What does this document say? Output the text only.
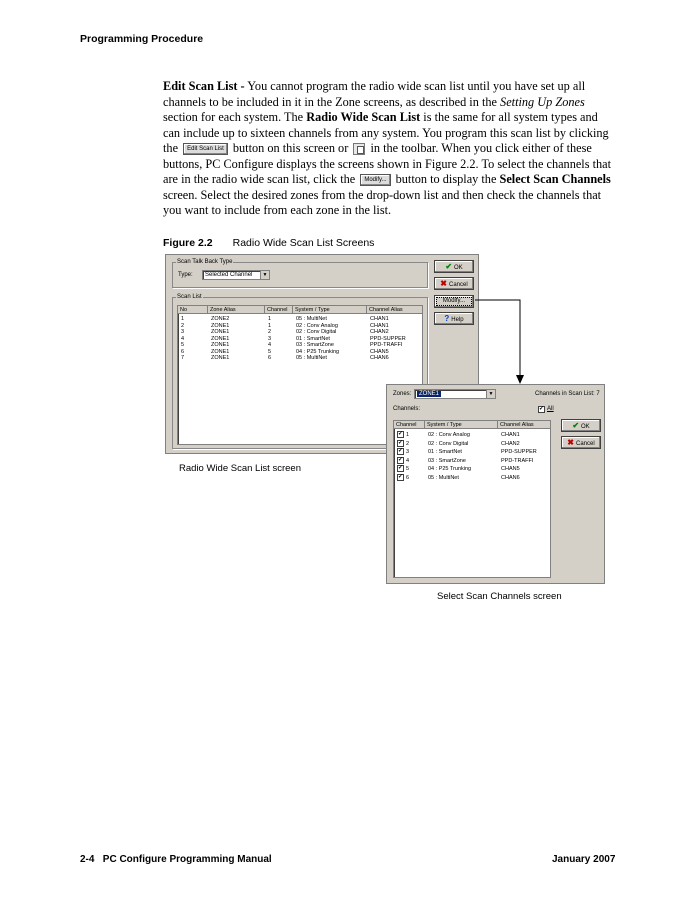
Programming Procedure
Edit Scan List - You cannot program the radio wide scan list until you have set up all channels to be included in it in the Zone screens, as described in the Setting Up Zones section for each system. The Radio Wide Scan List is the same for all system types and can include up to sixteen channels from any system. You program this scan list by clicking the Edit Scan List button on this screen or  in the toolbar. When you click either of these buttons, PC Configure displays the screens shown in Figure 2.2. To select the channels that are in the radio wide scan list, click the Modify... button to display the Select Scan Channels screen. Select the desired zones from the drop-down list and then check the channels that you want to include from each zone in the list.
Figure 2.2 Radio Wide Scan List Screens
Scan Talk Back Type
Type:	Selected Channel	▼
Scan List
No	Zone Alias	Channel	System / Type	Channel Alias
1	ZONE2	1	05 : MultiNet	CHAN1
2	ZONE1	1	02 : Conv Analog	CHAN1
3	ZONE1	2	02 : Conv Digital	CHAN2
4	ZONE1	3	01 : SmartNet	PPD-SUPPER
5	ZONE1	4	03 : SmartZone	PPD-TRAFFI
6	ZONE1	5	04 : P25 Trunking	CHAN5
7	ZONE1	6	05 : MultiNet	CHAN6
✔ OK
✖ Cancel
Modify...
? Help
Radio Wide Scan List screen
Zones:	ZONE1	▼	Channels in Scan List: 7
Channels:	✓ All
Channel	System / Type	Channel Alias
✓ 1	02 : Conv Analog	CHAN1
✓ 2	02 : Conv Digital	CHAN2
✓ 3	01 : SmartNet	PPD-SUPPER
✓ 4	03 : SmartZone	PPD-TRAFFI
✓ 5	04 : P25 Trunking	CHAN5
✓ 6	05 : MultiNet	CHAN6
✔ OK
✖ Cancel
Select Scan Channels screen
2-4   PC Configure Programming Manual	January 2007
